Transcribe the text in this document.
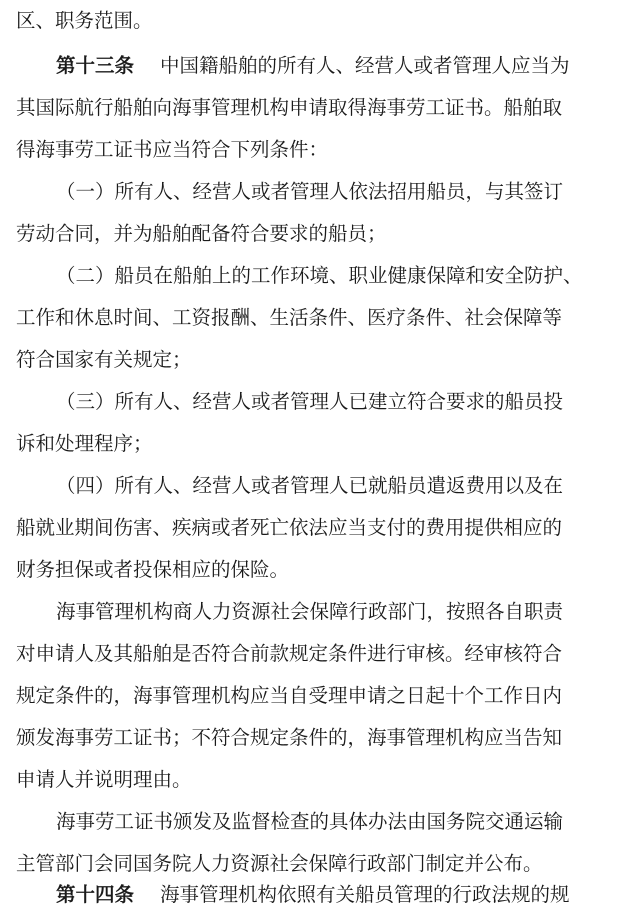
区、职务范围。
第十三条 中国籍船舶的所有人、经营人或者管理人应当为
其国际航行船舶向海事管理机构申请取得海事劳工证书。船舶取
得海事劳工证书应当符合下列条件：
（一）所有人、经营人或者管理人依法招用船员，与其签订
劳动合同，并为船舶配备符合要求的船员；
（二）船员在船舶上的工作环境、职业健康保障和安全防护、
工作和休息时间、工资报酬、生活条件、医疗条件、社会保障等
符合国家有关规定；
（三）所有人、经营人或者管理人已建立符合要求的船员投
诉和处理程序；
（四）所有人、经营人或者管理人已就船员遣返费用以及在
船就业期间伤害、疾病或者死亡依法应当支付的费用提供相应的
财务担保或者投保相应的保险。
海事管理机构商人力资源社会保障行政部门，按照各自职责
对申请人及其船舶是否符合前款规定条件进行审核。经审核符合
规定条件的，海事管理机构应当自受理申请之日起十个工作日内
颁发海事劳工证书；不符合规定条件的，海事管理机构应当告知
申请人并说明理由。
海事劳工证书颁发及监督检查的具体办法由国务院交通运输
主管部门会同国务院人力资源社会保障行政部门制定并公布。
第十四条 海事管理机构依照有关船员管理的行政法规的规
